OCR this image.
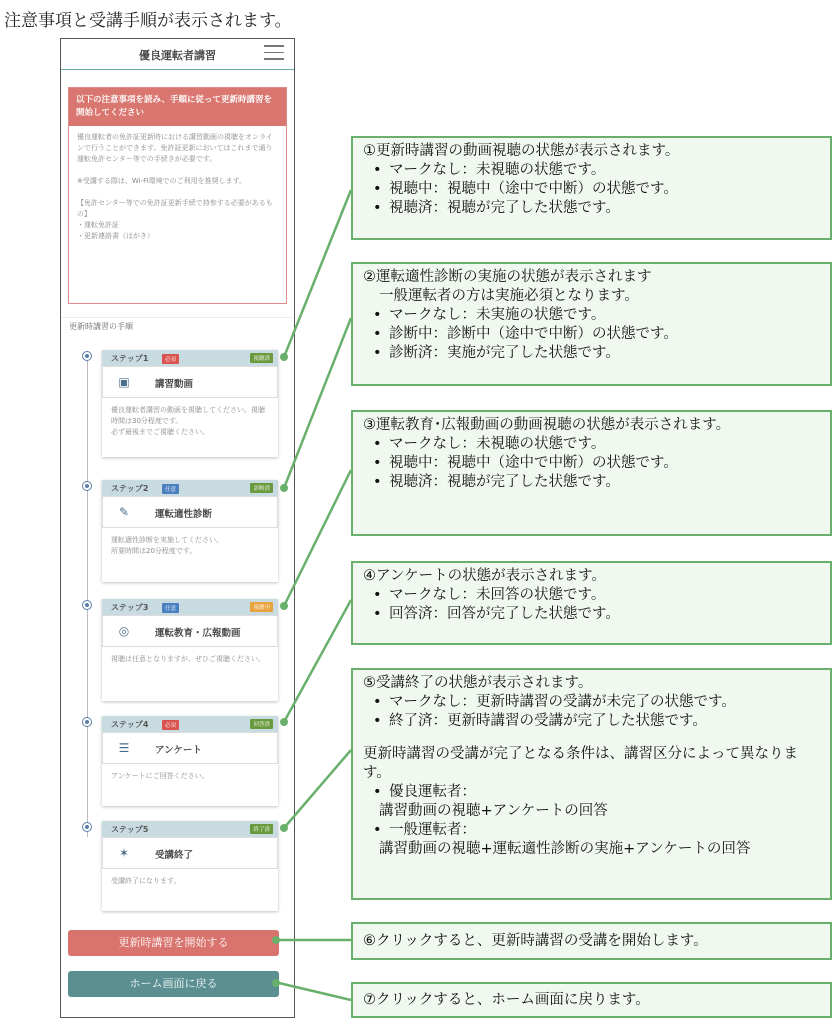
注意事項と受講手順が表示されます。
優良運転者講習
以下の注意事項を読み、手順に従って更新時講習を開始してください
優良運転者の免許証更新時における講習動画の視聴をオンラインで行うことができます。免許証更新においてはこれまで通り運転免許センター等での手続きが必要です。

※受講する際は、Wi-Fi環境でのご利用を推奨します。

【免許センター等での免許証更新手続で持参する必要があるもの】
・運転免許証
・更新連絡書（はがき）
更新時講習の手順
ステップ1	必須	視聴済
▣	講習動画
優良運転者講習の動画を視聴してください。視聴時間は30分程度です。
必ず最後までご視聴ください。
ステップ2	任意	診断済
✎	運転適性診断
運転適性診断を実施してください。
所要時間は20分程度です。
ステップ3	任意	視聴中
◎	運転教育・広報動画
視聴は任意となりますが、ぜひご視聴ください。
ステップ4	必須	回答済
☰	アンケート
アンケートにご回答ください。
ステップ5	終了済
✶	受講終了
受講終了になります。
更新時講習を開始する
ホーム画面に戻る
①更新時講習の動画視聴の状態が表示されます。
• マークなし：未視聴の状態です。
• 視聴中：視聴中（途中で中断）の状態です。
• 視聴済：視聴が完了した状態です。
②運転適性診断の実施の状態が表示されます
一般運転者の方は実施必須となります。
• マークなし：未実施の状態です。
• 診断中：診断中（途中で中断）の状態です。
• 診断済：実施が完了した状態です。
③運転教育･広報動画の動画視聴の状態が表示されます。
• マークなし：未視聴の状態です。
• 視聴中：視聴中（途中で中断）の状態です。
• 視聴済：視聴が完了した状態です。
④アンケートの状態が表示されます。
• マークなし：未回答の状態です。
• 回答済：回答が完了した状態です。
⑤受講終了の状態が表示されます。
• マークなし：更新時講習の受講が未完了の状態です。
• 終了済：更新時講習の受講が完了した状態です。
更新時講習の受講が完了となる条件は、講習区分によって異なります。
• 優良運転者：
講習動画の視聴+アンケートの回答
• 一般運転者：
講習動画の視聴+運転適性診断の実施+アンケートの回答
⑥クリックすると、更新時講習の受講を開始します。
⑦クリックすると、ホーム画面に戻ります。
